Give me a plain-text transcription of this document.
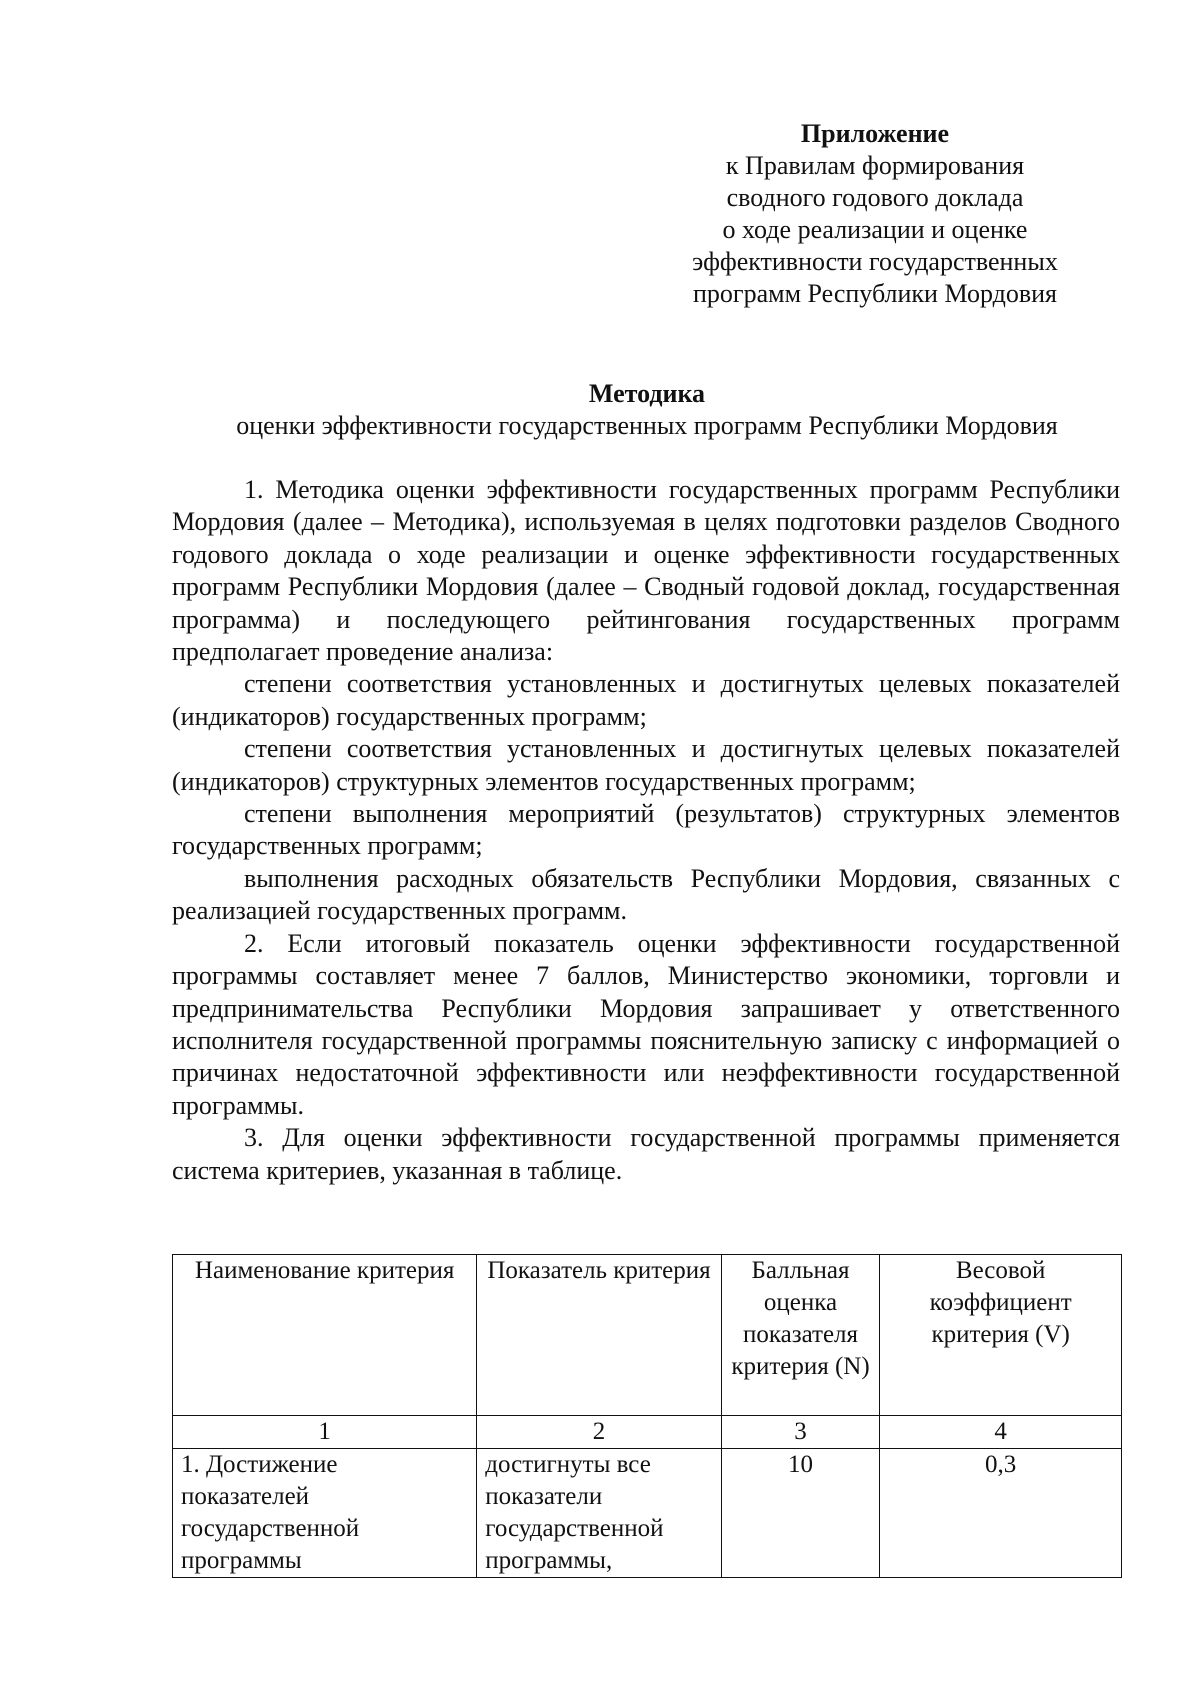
Приложение
к Правилам формирования
сводного годового доклада
о ходе реализации и оценке
эффективности государственных
программ Республики Мордовия
Методика
оценки эффективности государственных программ Республики Мордовия

1. Методика оценки эффективности государственных программ Республики Мордовия (далее – Методика), используемая в целях подготовки разделов Сводного годового доклада о ходе реализации и оценке эффективности государственных программ Республики Мордовия (далее – Сводный годовой доклад, государственная программа) и последующего рейтингования государственных программ предполагает проведение анализа:

степени соответствия установленных и достигнутых целевых показателей (индикаторов) государственных программ;

степени соответствия установленных и достигнутых целевых показателей (индикаторов) структурных элементов государственных программ;

степени выполнения мероприятий (результатов) структурных элементов государственных программ;

выполнения расходных обязательств Республики Мордовия, связанных с реализацией государственных программ.

2. Если итоговый показатель оценки эффективности государственной программы составляет менее 7 баллов, Министерство экономики, торговли и предпринимательства Республики Мордовия запрашивает у ответственного исполнителя государственной программы пояснительную записку с информацией о причинах недостаточной эффективности или неэффективности государственной программы.

3. Для оценки эффективности государственной программы применяется система критериев, указанная в таблице.

Наименование критерия	Показатель критерия	Балльная оценка показателя критерия (N)	Весовой коэффициент критерия (V)
1	2	3	4
1. Достижение показателей государственной программы	достигнуты все показатели государственной программы,	10	0,3
